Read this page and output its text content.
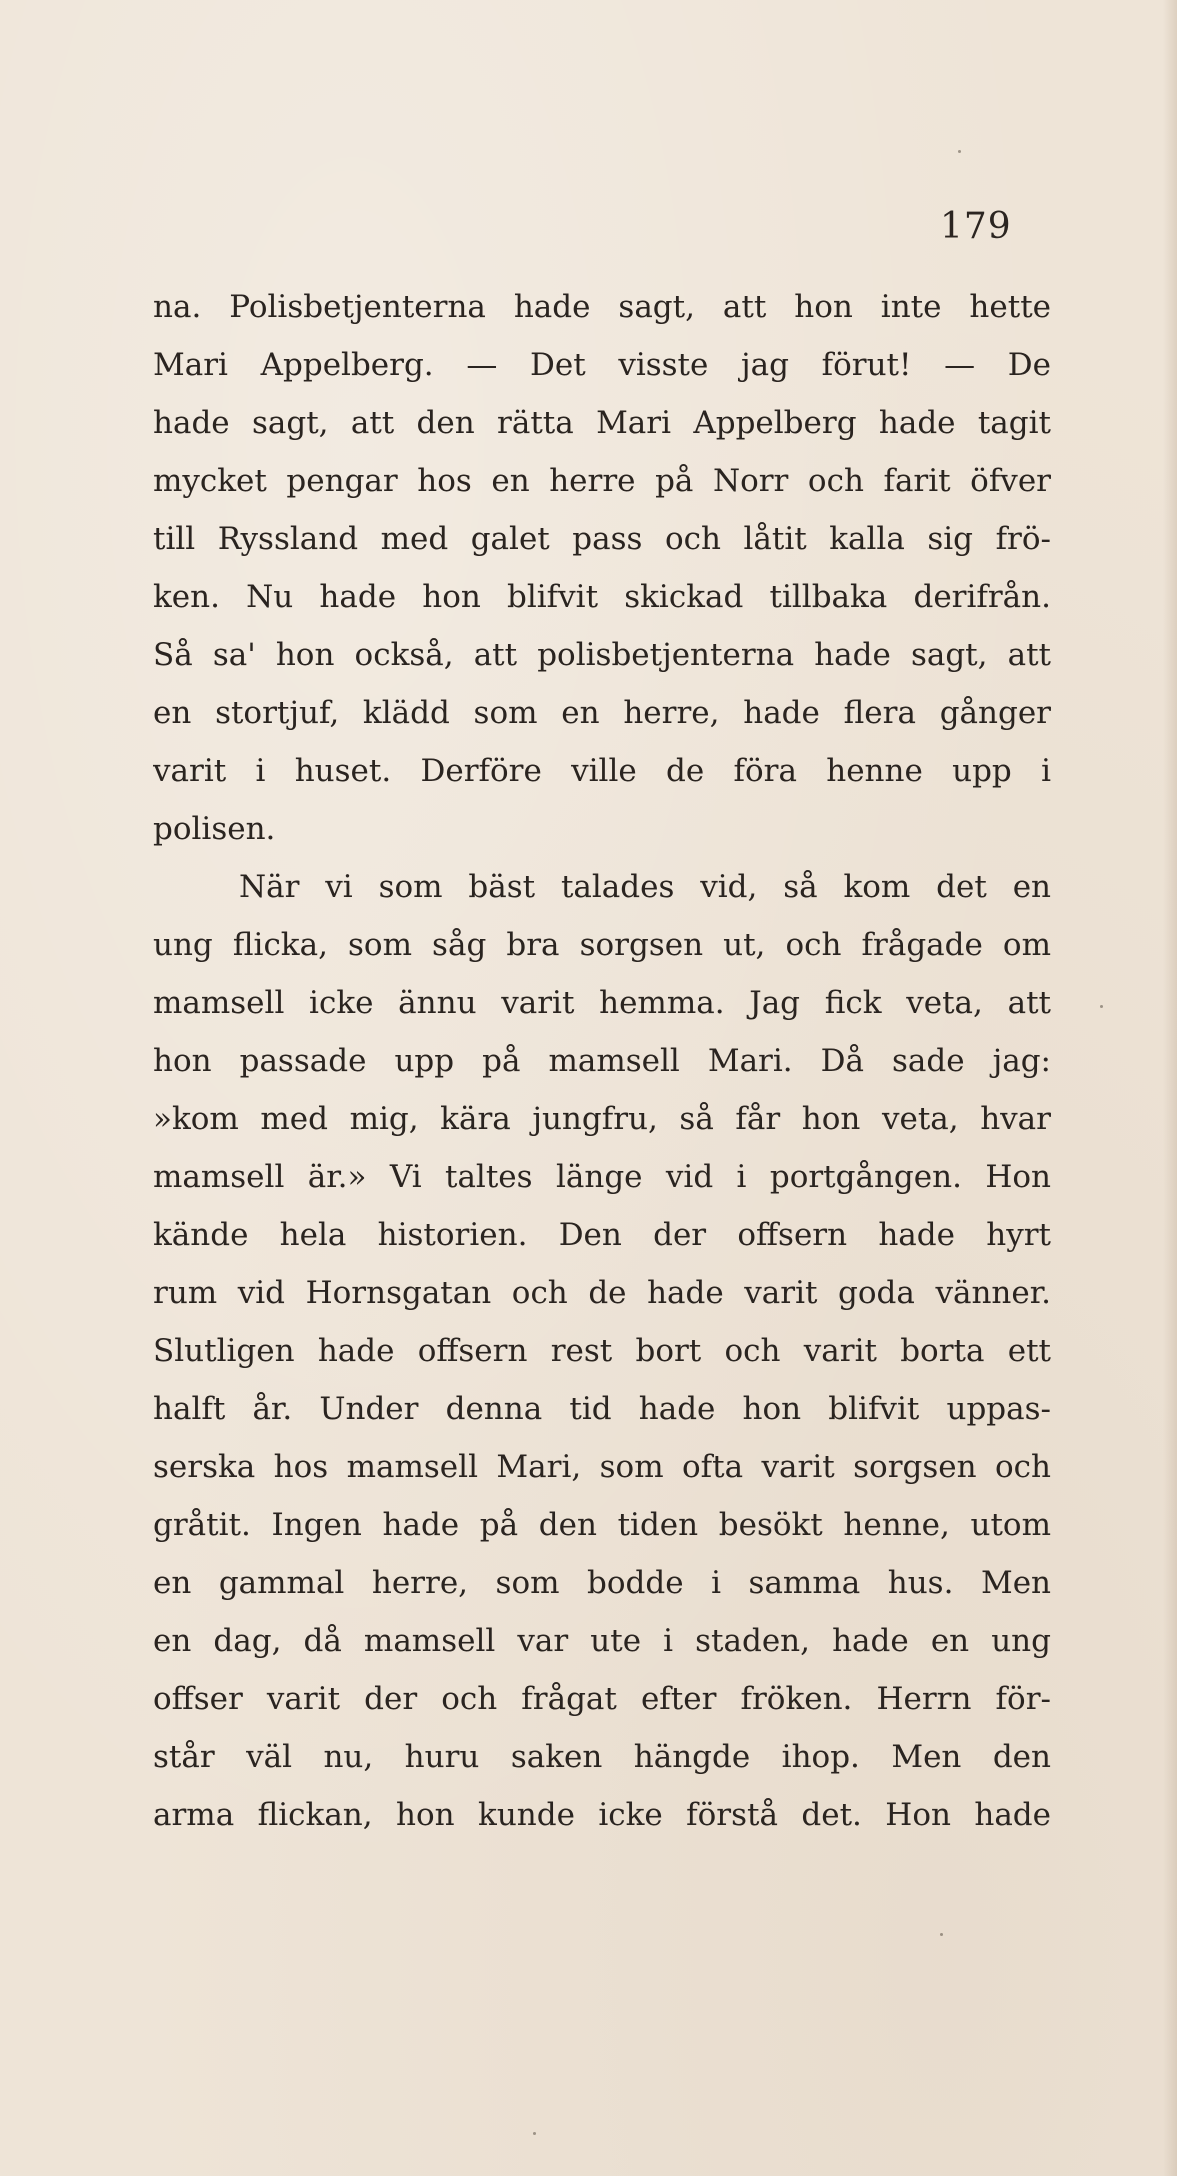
179
na. Polisbetjenterna hade sagt, att hon inte hette
Mari Appelberg. — Det visste jag förut! — De
hade sagt, att den rätta Mari Appelberg hade tagit
mycket pengar hos en herre på Norr och farit öfver
till Ryssland med galet pass och låtit kalla sig frö-
ken. Nu hade hon blifvit skickad tillbaka derifrån.
Så sa' hon också, att polisbetjenterna hade sagt, att
en stortjuf, klädd som en herre, hade flera gånger
varit i huset. Derföre ville de föra henne upp i
polisen.
När vi som bäst talades vid, så kom det en
ung flicka, som såg bra sorgsen ut, och frågade om
mamsell icke ännu varit hemma. Jag fick veta, att
hon passade upp på mamsell Mari. Då sade jag:
»kom med mig, kära jungfru, så får hon veta, hvar
mamsell är.» Vi taltes länge vid i portgången. Hon
kände hela historien. Den der offsern hade hyrt
rum vid Hornsgatan och de hade varit goda vänner.
Slutligen hade offsern rest bort och varit borta ett
halft år. Under denna tid hade hon blifvit uppas-
serska hos mamsell Mari, som ofta varit sorgsen och
gråtit. Ingen hade på den tiden besökt henne, utom
en gammal herre, som bodde i samma hus. Men
en dag, då mamsell var ute i staden, hade en ung
offser varit der och frågat efter fröken. Herrn för-
står väl nu, huru saken hängde ihop. Men den
arma flickan, hon kunde icke förstå det. Hon hade
